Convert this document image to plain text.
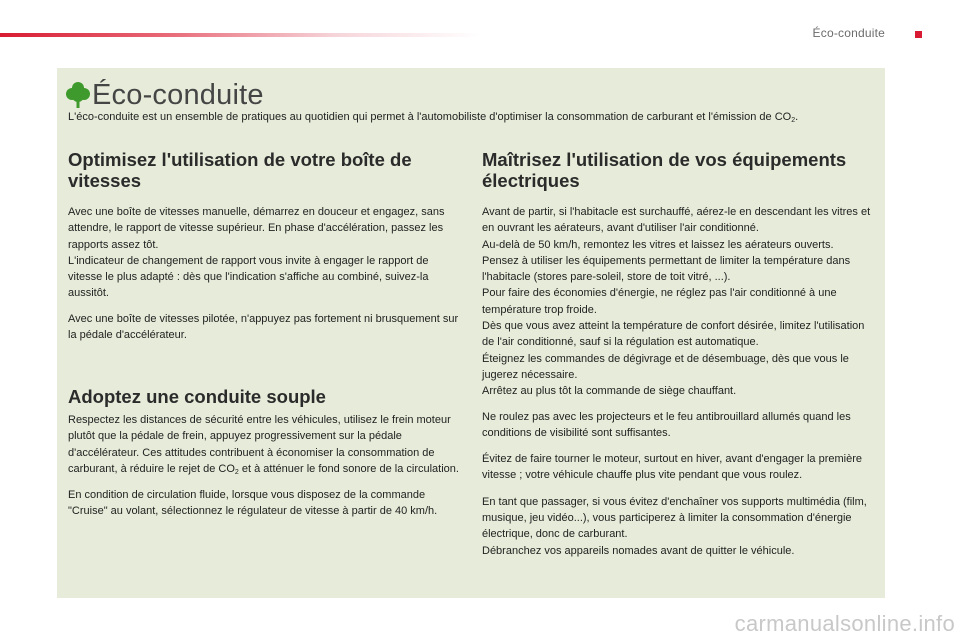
Éco-conduite
Éco-conduite
L'éco-conduite est un ensemble de pratiques au quotidien qui permet à l'automobiliste d'optimiser la consommation de carburant et l'émission de $CO_2$.
Optimisez l'utilisation de votre boîte de vitesses

Avec une boîte de vitesses manuelle, démarrez en douceur et engagez, sans attendre, le rapport de vitesse supérieur. En phase d'accélération, passez les rapports assez tôt.

L'indicateur de changement de rapport vous invite à engager le rapport de vitesse le plus adapté : dès que l'indication s'affiche au combiné, suivez-la aussitôt.

Avec une boîte de vitesses pilotée, n'appuyez pas fortement ni brusquement sur la pédale d'accélérateur.

Adoptez une conduite souple

Respectez les distances de sécurité entre les véhicules, utilisez le frein moteur plutôt que la pédale de frein, appuyez progressivement sur la pédale d'accélérateur. Ces attitudes contribuent à économiser la consommation de carburant, à réduire le rejet de $CO_2$ et à atténuer le fond sonore de la circulation.

En condition de circulation fluide, lorsque vous disposez de la commande "Cruise" au volant, sélectionnez le régulateur de vitesse à partir de 40 km/h.

Maîtrisez l'utilisation de vos équipements électriques

Avant de partir, si l'habitacle est surchauffé, aérez-le en descendant les vitres et en ouvrant les aérateurs, avant d'utiliser l'air conditionné.

Au-delà de 50 km/h, remontez les vitres et laissez les aérateurs ouverts.

Pensez à utiliser les équipements permettant de limiter la température dans l'habitacle (stores pare-soleil, store de toit vitré, ...).

Pour faire des économies d'énergie, ne réglez pas l'air conditionné à une température trop froide.

Dès que vous avez atteint la température de confort désirée, limitez l'utilisation de l'air conditionné, sauf si la régulation est automatique.

Éteignez les commandes de dégivrage et de désembuage, dès que vous le jugerez nécessaire.

Arrêtez au plus tôt la commande de siège chauffant.

Ne roulez pas avec les projecteurs et le feu antibrouillard allumés quand les conditions de visibilité sont suffisantes.

Évitez de faire tourner le moteur, surtout en hiver, avant d'engager la première vitesse ; votre véhicule chauffe plus vite pendant que vous roulez.

En tant que passager, si vous évitez d'enchaîner vos supports multimédia (film, musique, jeu vidéo...), vous participerez à limiter la consommation d'énergie électrique, donc de carburant.

Débranchez vos appareils nomades avant de quitter le véhicule.

carmanualsonline.info
